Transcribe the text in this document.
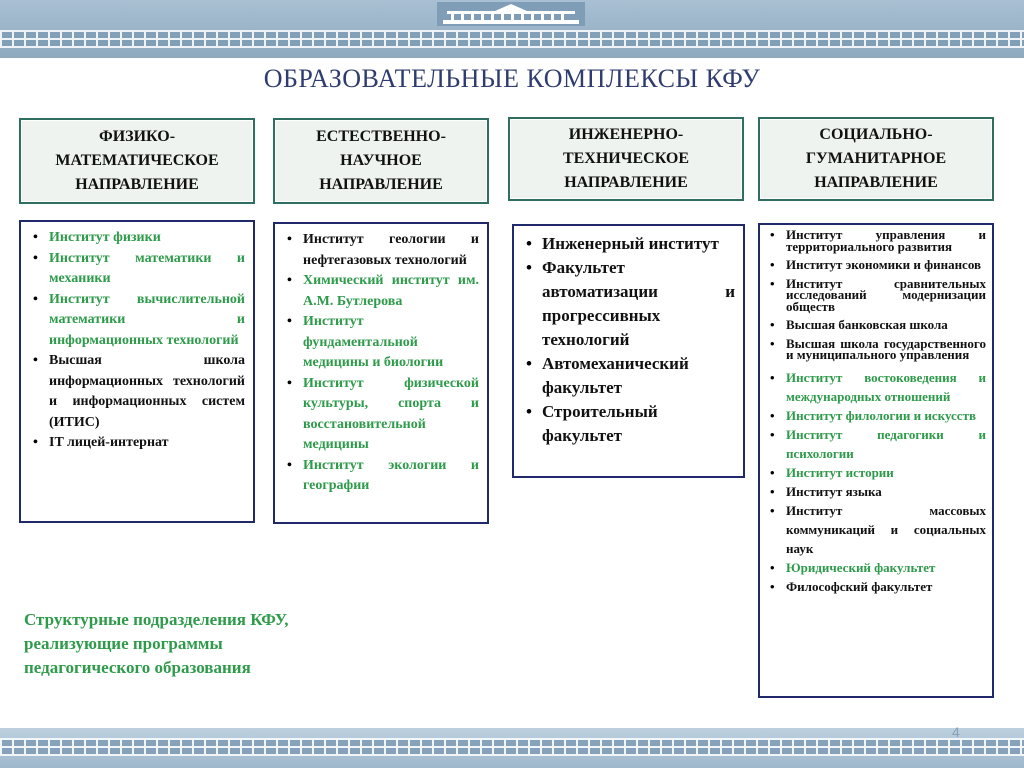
ОБРАЗОВАТЕЛЬНЫЕ КОМПЛЕКСЫ КФУ
ФИЗИКО-МАТЕМАТИЧЕСКОЕ НАПРАВЛЕНИЕ
ЕСТЕСТВЕННО-НАУЧНОЕ НАПРАВЛЕНИЕ
ИНЖЕНЕРНО-ТЕХНИЧЕСКОЕ НАПРАВЛЕНИЕ
СОЦИАЛЬНО-ГУМАНИТАРНОЕ НАПРАВЛЕНИЕ
• Институт физики
• Институт математики и механики
• Институт вычислительной математики и информационных технологий
• Высшая школа информационных технологий и информационных систем (ИТИС)
• IT лицей-интернат
• Институт геологии и нефтегазовых технологий
• Химический институт им. А.М. Бутлерова
• Институт фундаментальной медицины и биологии
• Институт физической культуры, спорта и восстановительной медицины
• Институт экологии и географии
• Инженерный институт
• Факультет автоматизации и прогрессивных технологий
• Автомеханический факультет
• Строительный факультет
• Институт управления и территориального развития
• Институт экономики и финансов
• Институт сравнительных исследований модернизации обществ
• Высшая банковская школа
• Высшая школа государственного и муниципального управления
• Институт востоковедения и международных отношений
• Институт филологии и искусств
• Институт педагогики и психологии
• Институт истории
• Институт языка
• Институт массовых коммуникаций и социальных наук
• Юридический факультет
• Философский факультет
Структурные подразделения КФУ, реализующие программы педагогического образования
4
